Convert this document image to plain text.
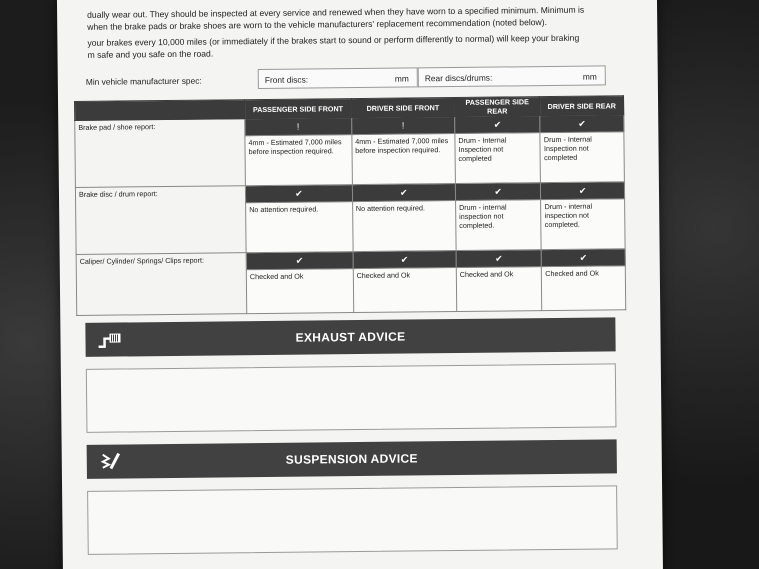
dually wear out. They should be inspected at every service and renewed when they have worn to a specified minimum. Minimum is

when the brake pads or brake shoes are worn to the vehicle manufacturers' replacement recommendation (noted below).

your brakes every 10,000 miles (or immediately if the brakes start to sound or perform differently to normal) will keep your braking

m safe and you safe on the road.

Min vehicle manufacturer spec:	Front discs:	mm Rear discs/drums:	mm
	PASSENGER SIDE FRONT	DRIVER SIDE FRONT	PASSENGER SIDE REAR	DRIVER SIDE REAR
Brake pad / shoe report:	!	!	✔	✔
	4mm - Estimated 7,000 miles before inspection required.	4mm - Estimated 7,000 miles before inspection required.	Drum - Internal Inspection not completed	Drum - Internal Inspection not completed
Brake disc / drum report:	✔	✔	✔	✔
	No attention required.	No attention required.	Drum - internal inspection not completed.	Drum - internal inspection not completed.
Caliper/ Cylinder/ Springs/ Clips report:	✔	✔	✔	✔
	Checked and Ok	Checked and Ok	Checked and Ok	Checked and Ok
EXHAUST ADVICE
SUSPENSION ADVICE
